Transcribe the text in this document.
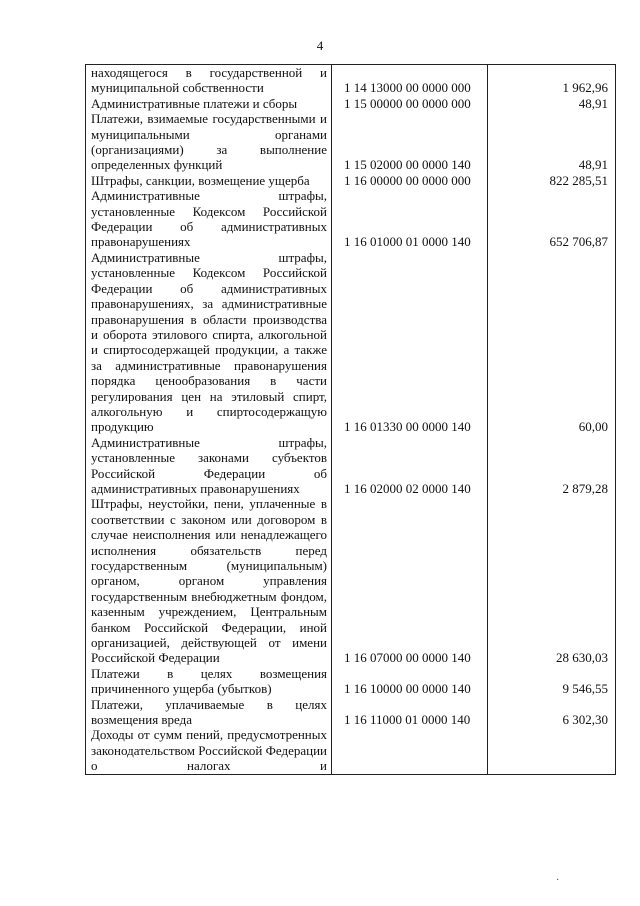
4
находящегося в государственной и муниципальной собственности	1 14 13000 00 0000 000	1 962,96
Административные платежи и сборы	1 15 00000 00 0000 000	48,91
Платежи, взимаемые государственными и муниципальными органами (организациями) за выполнение определенных функций	1 15 02000 00 0000 140	48,91
Штрафы, санкции, возмещение ущерба	1 16 00000 00 0000 000	822 285,51
Административные штрафы, установленные Кодексом Российской Федерации об административных правонарушениях	1 16 01000 01 0000 140	652 706,87
Административные штрафы, установленные Кодексом Российской Федерации об административных правонарушениях, за административные правонарушения в области производства и оборота этилового спирта, алкогольной и спиртосодержащей продукции, а также за административные правонарушения порядка ценообразования в части регулирования цен на этиловый спирт, алкогольную и спиртосодержащую продукцию	1 16 01330 00 0000 140	60,00
Административные штрафы, установленные законами субъектов Российской Федерации об административных правонарушениях	1 16 02000 02 0000 140	2 879,28
Штрафы, неустойки, пени, уплаченные в соответствии с законом или договором в случае неисполнения или ненадлежащего исполнения обязательств перед государственным (муниципальным) органом, органом управления государственным внебюджетным фондом, казенным учреждением, Центральным банком Российской Федерации, иной организацией, действующей от имени Российской Федерации	1 16 07000 00 0000 140	28 630,03
Платежи в целях возмещения причиненного ущерба (убытков)	1 16 10000 00 0000 140	9 546,55
Платежи, уплачиваемые в целях возмещения вреда	1 16 11000 01 0000 140	6 302,30
Доходы от сумм пений, предусмотренных законодательством Российской Федерации о налогах и		
·
